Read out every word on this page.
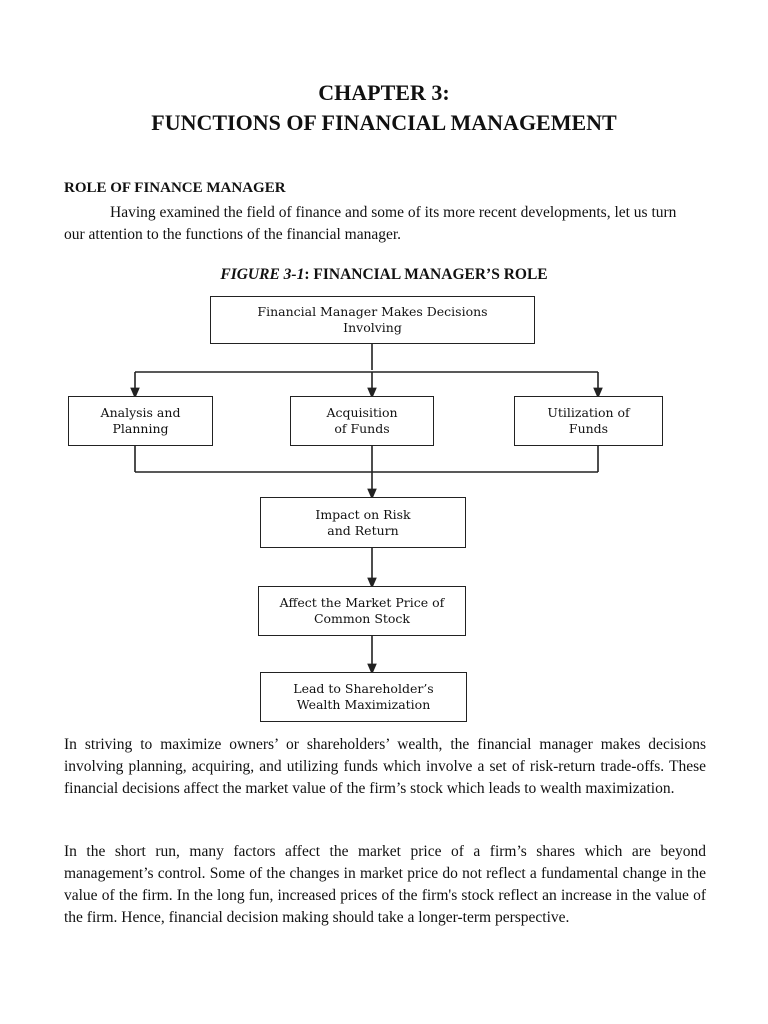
CHAPTER 3:
FUNCTIONS OF FINANCIAL MANAGEMENT
ROLE OF FINANCE MANAGER
Having examined the field of finance and some of its more recent developments, let us turn our attention to the functions of the financial manager.
FIGURE 3-1: FINANCIAL MANAGER’S ROLE
Financial Manager Makes Decisions Involving
Analysis and Planning
Acquisition of Funds
Utilization of Funds
Impact on Risk and Return
Affect the Market Price of Common Stock
Lead to Shareholder’s Wealth Maximization
In striving to maximize owners’ or shareholders’ wealth, the financial manager makes decisions involving planning, acquiring, and utilizing funds which involve a set of risk-return trade-offs. These financial decisions affect the market value of the firm’s stock which leads to wealth maximization.
In the short run, many factors affect the market price of a firm’s shares which are beyond management’s control. Some of the changes in market price do not reflect a fundamental change in the value of the firm. In the long fun, increased prices of the firm's stock reflect an increase in the value of the firm. Hence, financial decision making should take a longer-term perspective.
